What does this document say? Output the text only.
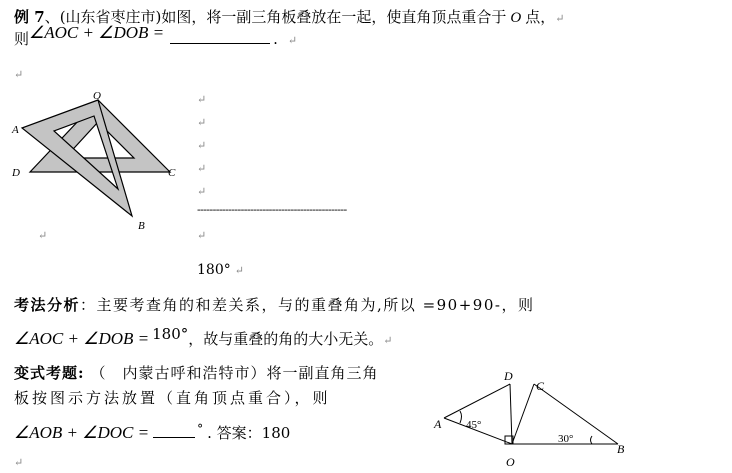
例 7、(山东省枣庄市)如图，将一副三角板叠放在一起，使直角顶点重合于 O 点，↵
则∠AOC + ∠DOB =	. ↵
↵
O
A
C
D
B
↵
↵
↵
↵
↵
↵
------------------------------------------------
↵
180° ↵
考法分析：主要考查角的和差关系，与的重叠角为,所以 =90+90-，则
∠AOC + ∠DOB = 180°，故与重叠的角的大小无关。↵
变式考题: （　内蒙古呼和浩特市）将一副直角三角
板按图示方法放置（直角顶点重合），则
∠AOB + ∠DOC =	° . 答案：180
↵
D
C
A
B
O
45°
30°
